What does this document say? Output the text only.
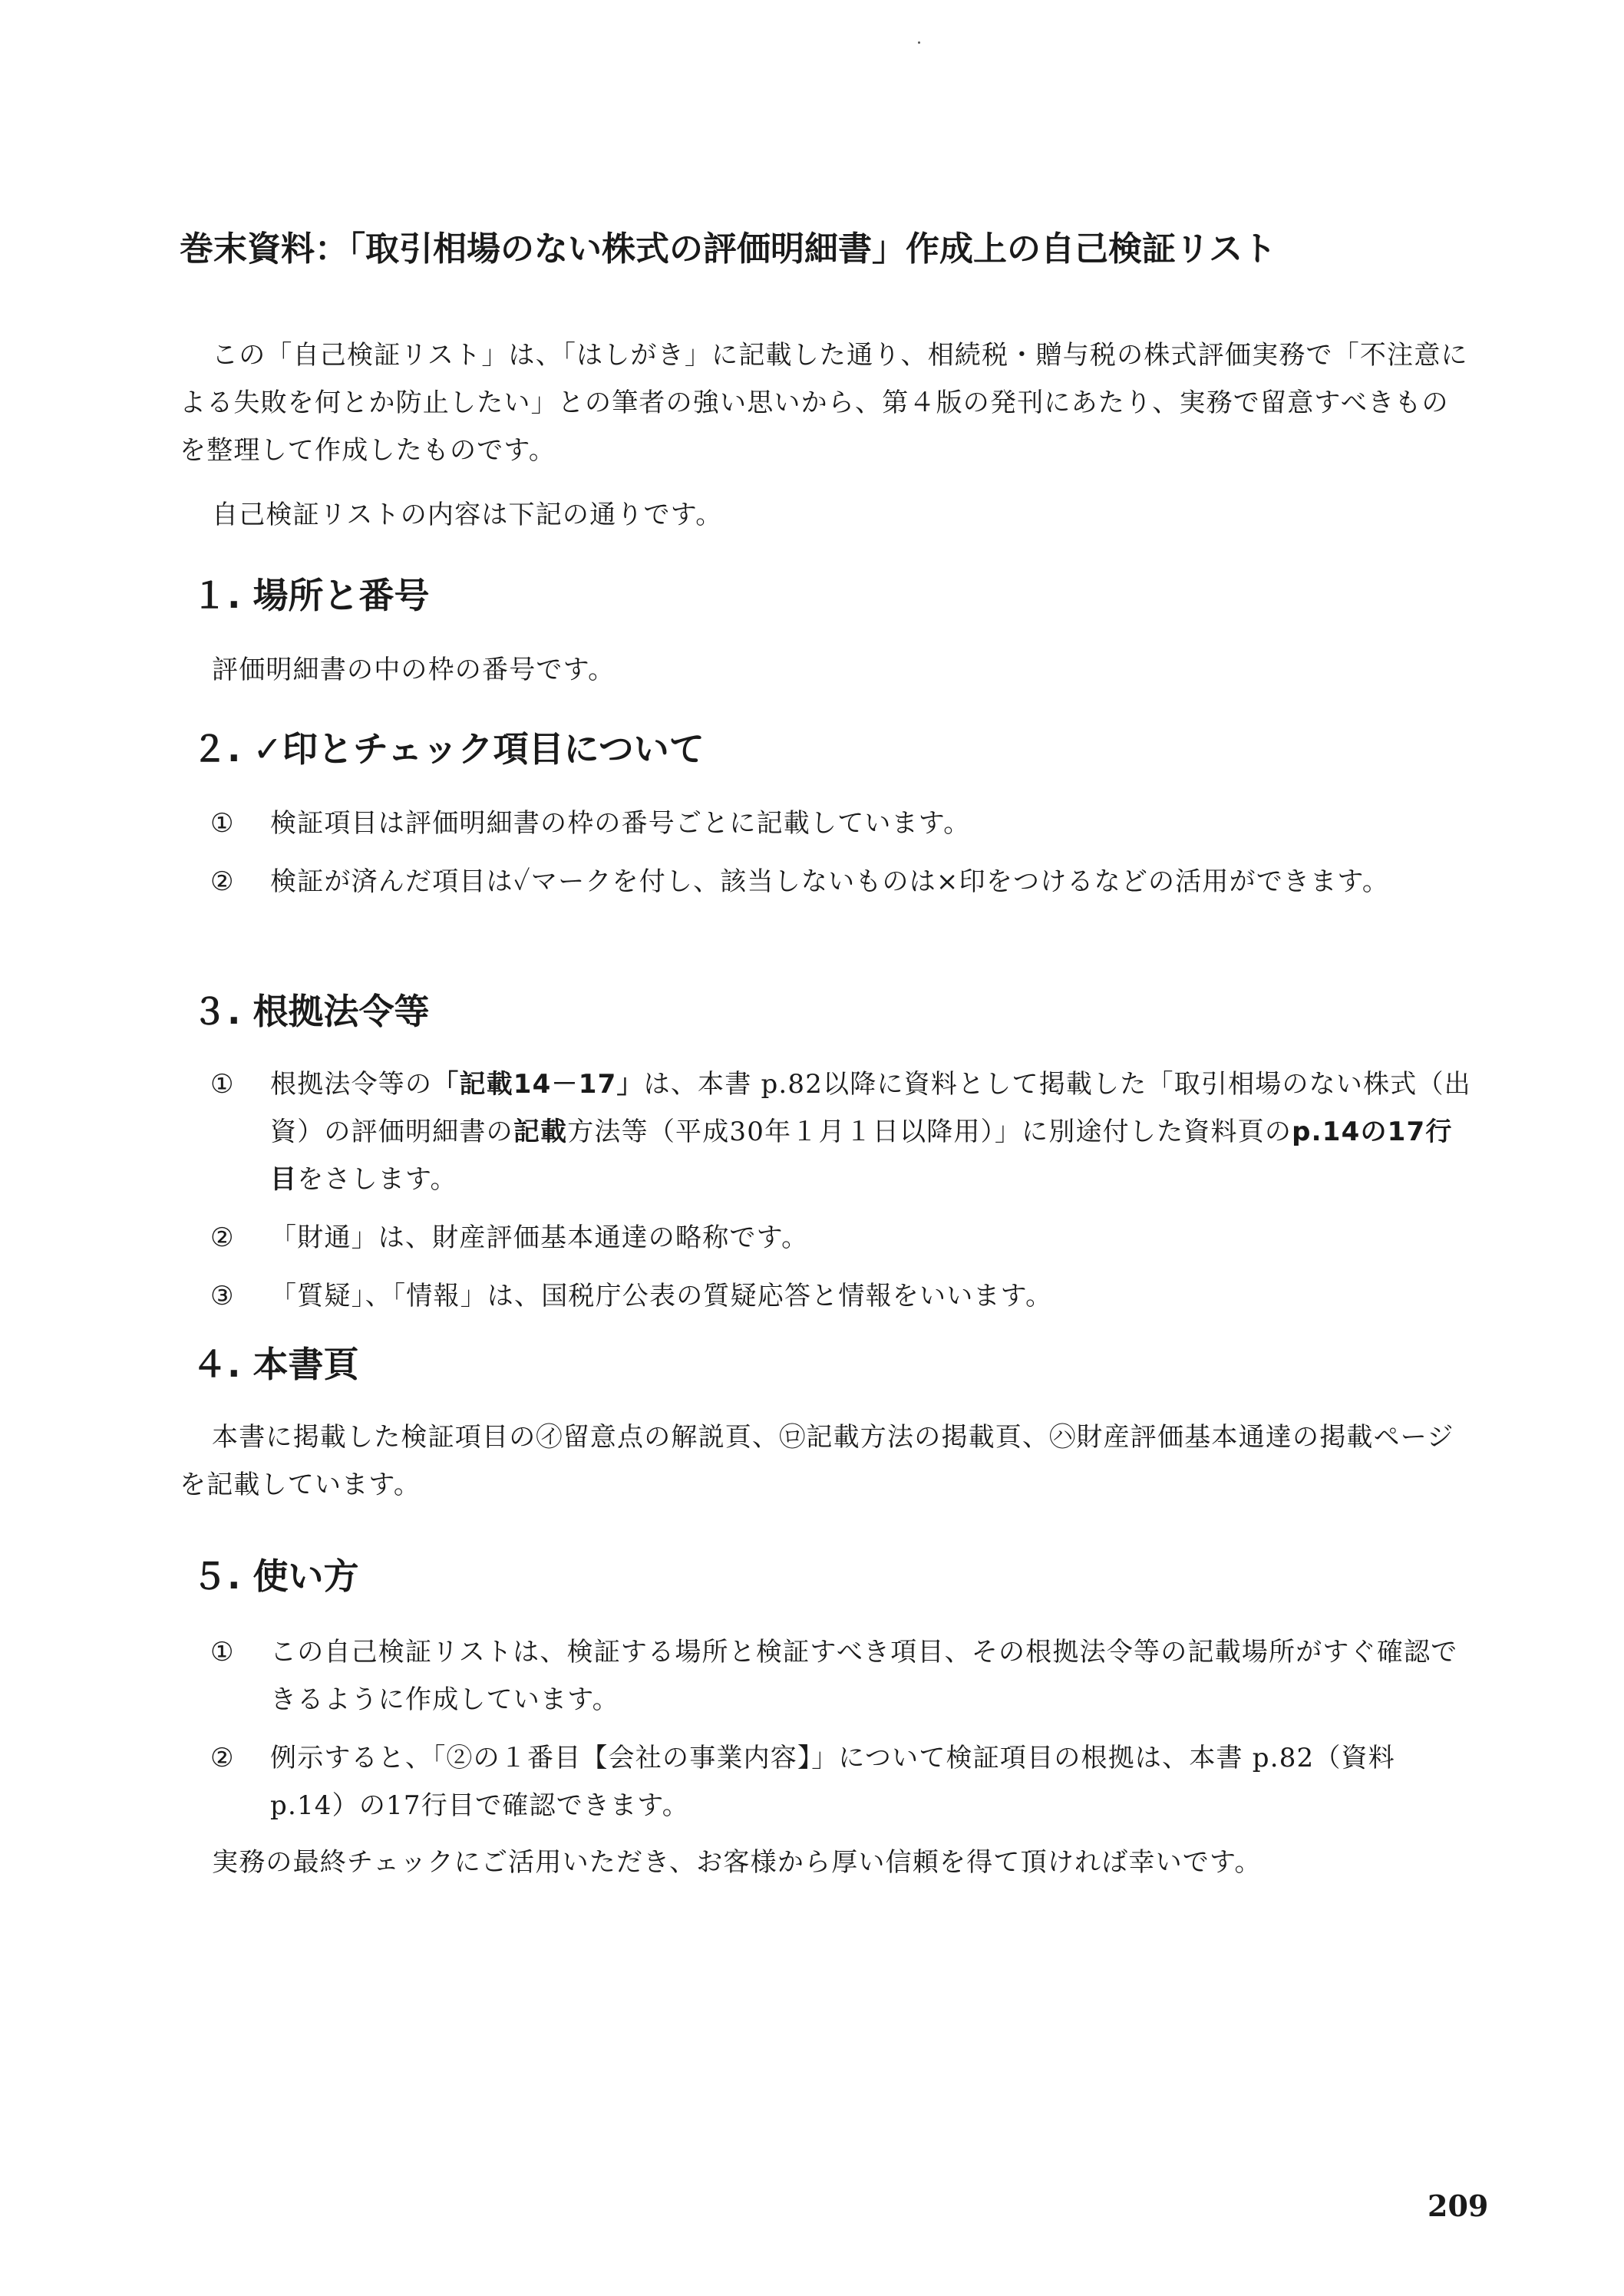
巻末資料：「取引相場のない株式の評価明細書」作成上の自己検証リスト

この「自己検証リスト」は、「はしがき」に記載した通り、相続税・贈与税の株式評価実務で「不注意による失敗を何とか防止したい」との筆者の強い思いから、第４版の発刊にあたり、実務で留意すべきものを整理して作成したものです。

自己検証リストの内容は下記の通りです。

１. 場所と番号

評価明細書の中の枠の番号です。

２. ✓印とチェック項目について
① 検証項目は評価明細書の枠の番号ごとに記載しています。
② 検証が済んだ項目は✓マークを付し、該当しないものは×印をつけるなどの活用ができます。
３. 根拠法令等
① 根拠法令等の「記載14－17」は、本書 p.82以降に資料として掲載した「取引相場のない株式（出資）の評価明細書の記載方法等（平成30年１月１日以降用）」に別途付した資料頁のp.14の17行目をさします。
② 「財通」は、財産評価基本通達の略称です。
③ 「質疑」、「情報」は、国税庁公表の質疑応答と情報をいいます。
４. 本書頁

本書に掲載した検証項目の㋑留意点の解説頁、㋺記載方法の掲載頁、㋩財産評価基本通達の掲載ページを記載しています。

５. 使い方
① この自己検証リストは、検証する場所と検証すべき項目、その根拠法令等の記載場所がすぐ確認できるように作成しています。
② 例示すると、「②の１番目【会社の事業内容】」について検証項目の根拠は、本書 p.82（資料 p.14）の17行目で確認できます。

実務の最終チェックにご活用いただき、お客様から厚い信頼を得て頂ければ幸いです。

209
